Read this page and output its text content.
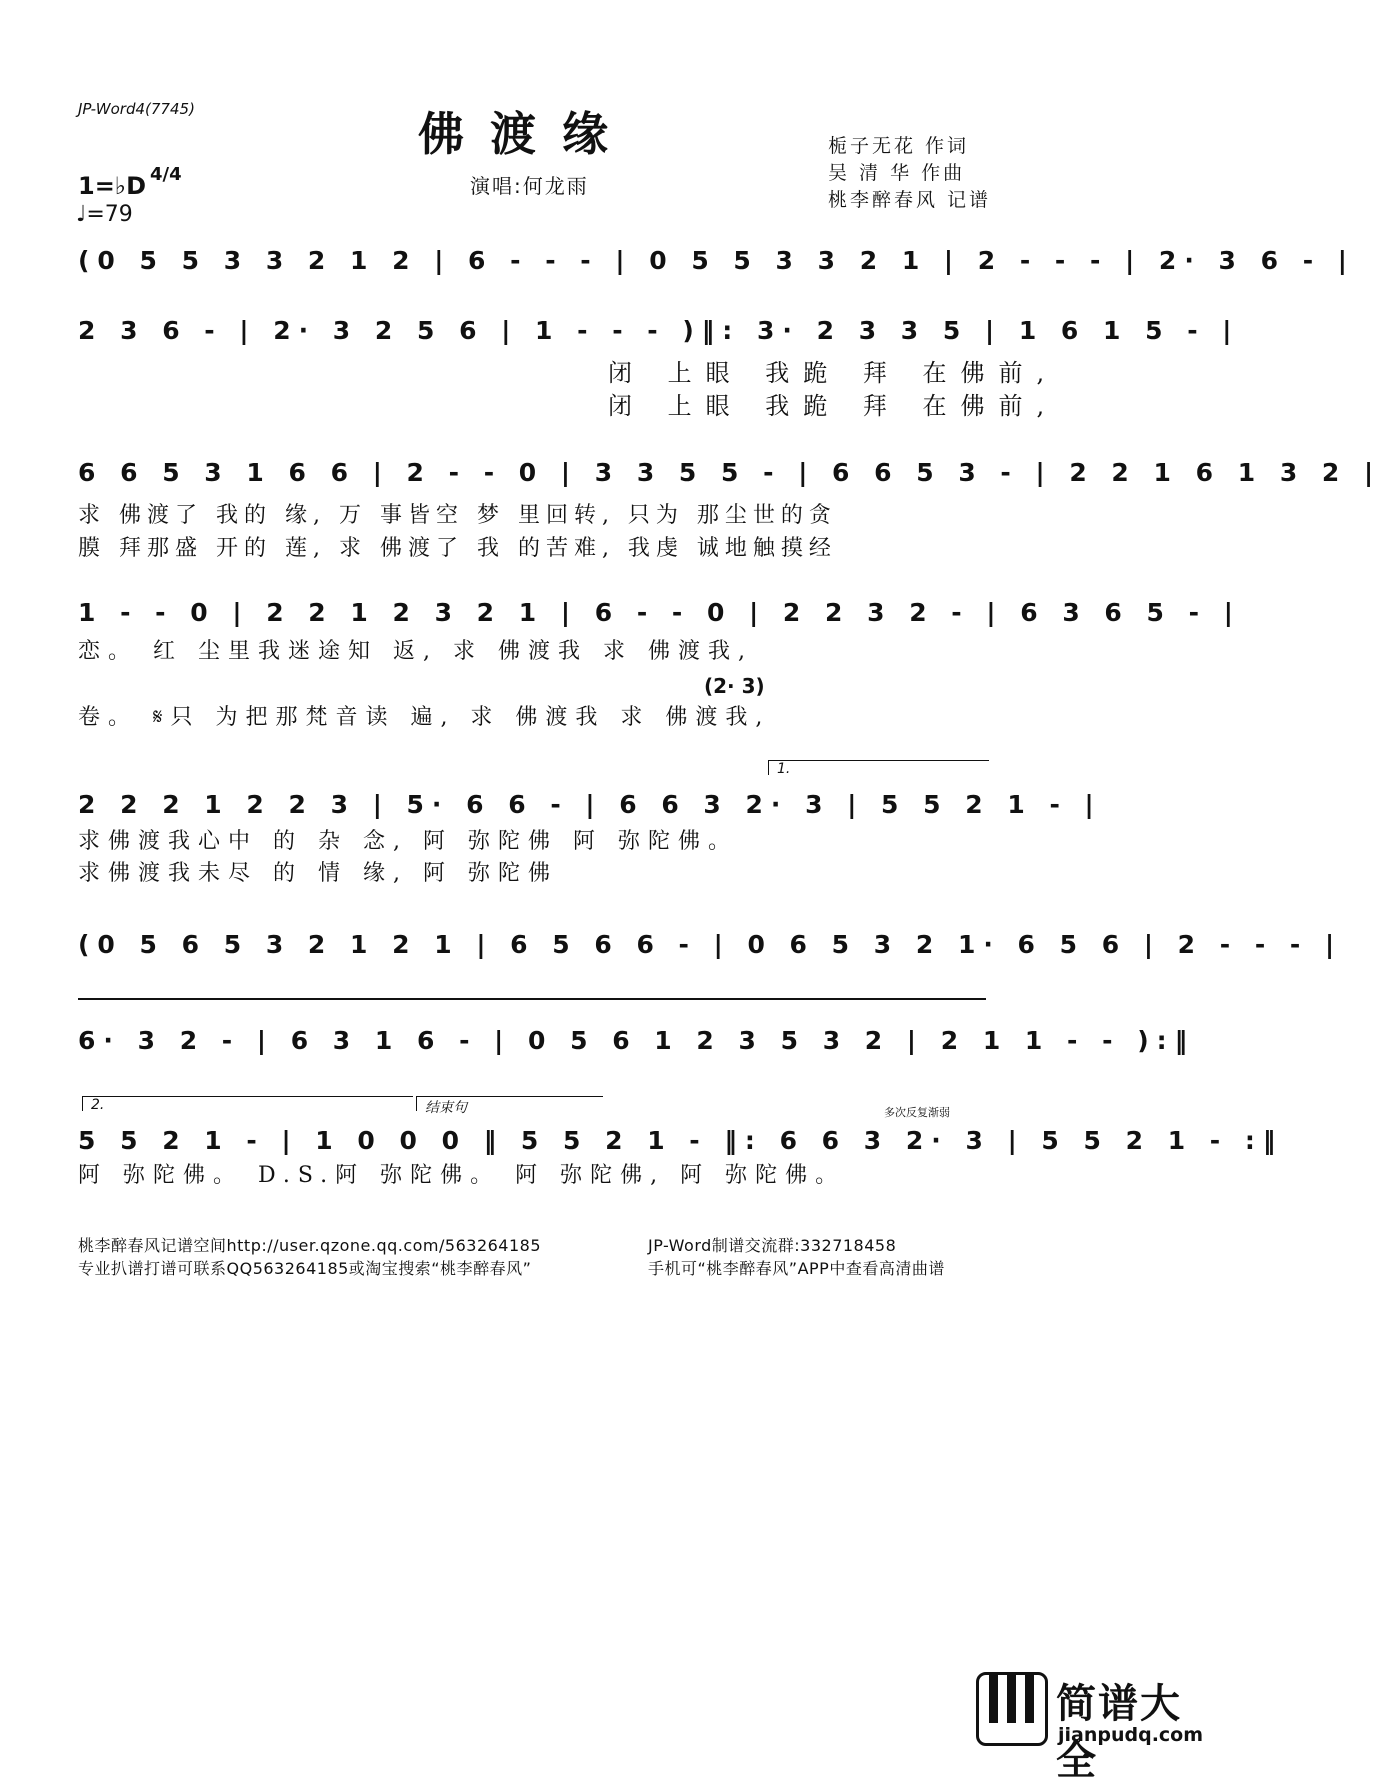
JP-Word4(7745)	佛渡缘
演唱:何龙雨
栀子无花 作词
吴 清 华 作曲
桃李醉春风 记谱
1=♭D 4/4
♩=79
(0 5 5 3 3 2 1 2 | 6 - - - | 0 5 5 3 3 2 1 | 2 - - - | 2· 3 6 - |
2 3 6 - | 2· 3 2 5 6 | 1 - - - )‖: 3· 2 3 3 5 | 1 6 1 5 - |
闭 上眼 我跪 拜 在佛前,
闭 上眼 我跪 拜 在佛前,
6 6 5 3 1 6 6 | 2 - - 0 | 3 3 5 5 - | 6 6 5 3 - | 2 2 1 6 1 3 2 |
求 佛渡了 我的 缘, 万 事皆空 梦 里回转, 只为 那尘世的贪
膜 拜那盛 开的 莲, 求 佛渡了 我 的苦难, 我虔 诚地触摸经
1 - - 0 | 2 2 1 2 3 2 1 | 6 - - 0 | 2 2 3 2 - | 6 3 6 5 - |
恋。 红 尘里我迷途知 返, 求 佛渡我 求 佛渡我,
(2· 3)
卷。 𝄋只 为把那梵音读 遍, 求 佛渡我 求 佛渡我,
1.
2 2 2 1 2 2 3 | 5· 6 6 - | 6 6 3 2· 3 | 5 5 2 1 - |
求佛渡我心中 的 杂 念, 阿 弥陀佛 阿 弥陀佛。
求佛渡我未尽 的 情 缘, 阿 弥陀佛
(0 5 6 5 3 2 1 2 1 | 6 5 6 6 - | 0 6 5 3 2 1· 6 5 6 | 2 - - - |
6· 3 2 - | 6 3 1 6 - | 0 5 6 1 2 3 5 3 2 | 2 1 1 - - ):‖
2.	结束句	多次反复渐弱
5 5 2 1 - | 1 0 0 0 ‖ 5 5 2 1 - ‖: 6 6 3 2· 3 | 5 5 2 1 - :‖
阿 弥陀佛。 D.S.阿 弥陀佛。 阿 弥陀佛, 阿 弥陀佛。
桃李醉春风记谱空间http://user.qzone.qq.com/563264185
专业扒谱打谱可联系QQ563264185或淘宝搜索“桃李醉春风”
JP-Word制谱交流群:332718458
手机可“桃李醉春风”APP中查看高清曲谱
简谱大全
jianpudq.com
